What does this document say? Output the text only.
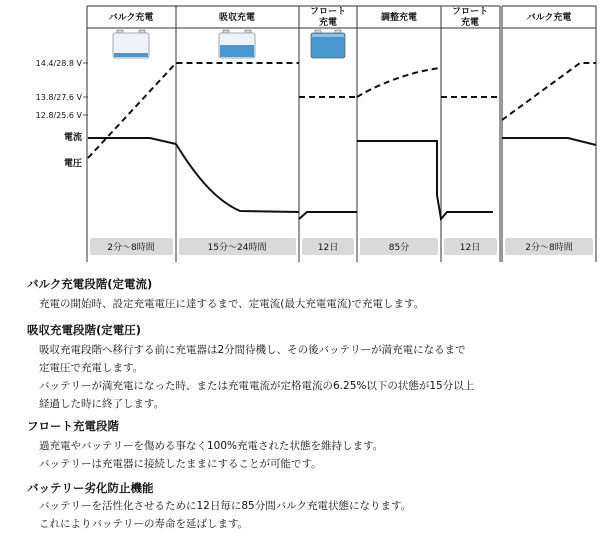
バルク充電	吸収充電
フロート
充電	調整充電
フロート
充電	バルク充電
14.4/28.8 V
13.8/27.6 V
12.8/25.6 V
電流
電圧
2分～8時間	15分～24時間	12日	85分	12日	2分～8時間
バルク充電段階(定電流)
充電の開始時、設定充電電圧に達するまで、定電流(最大充電電流)で充電します。
吸収充電段階(定電圧)
吸収充電段階へ移行する前に充電器は2分間待機し、その後バッテリーが満充電になるまで
定電圧で充電します。
バッテリーが満充電になった時、または充電電流が定格電流の6.25%以下の状態が15分以上
経過した時に終了します。
フロート充電段階
過充電やバッテリーを傷める事なく100%充電された状態を維持します。
バッテリーは充電器に接続したままにすることが可能です。
バッテリー劣化防止機能
バッテリーを活性化させるために12日毎に85分間バルク充電状態になります。
これによりバッテリーの寿命を延ばします。
